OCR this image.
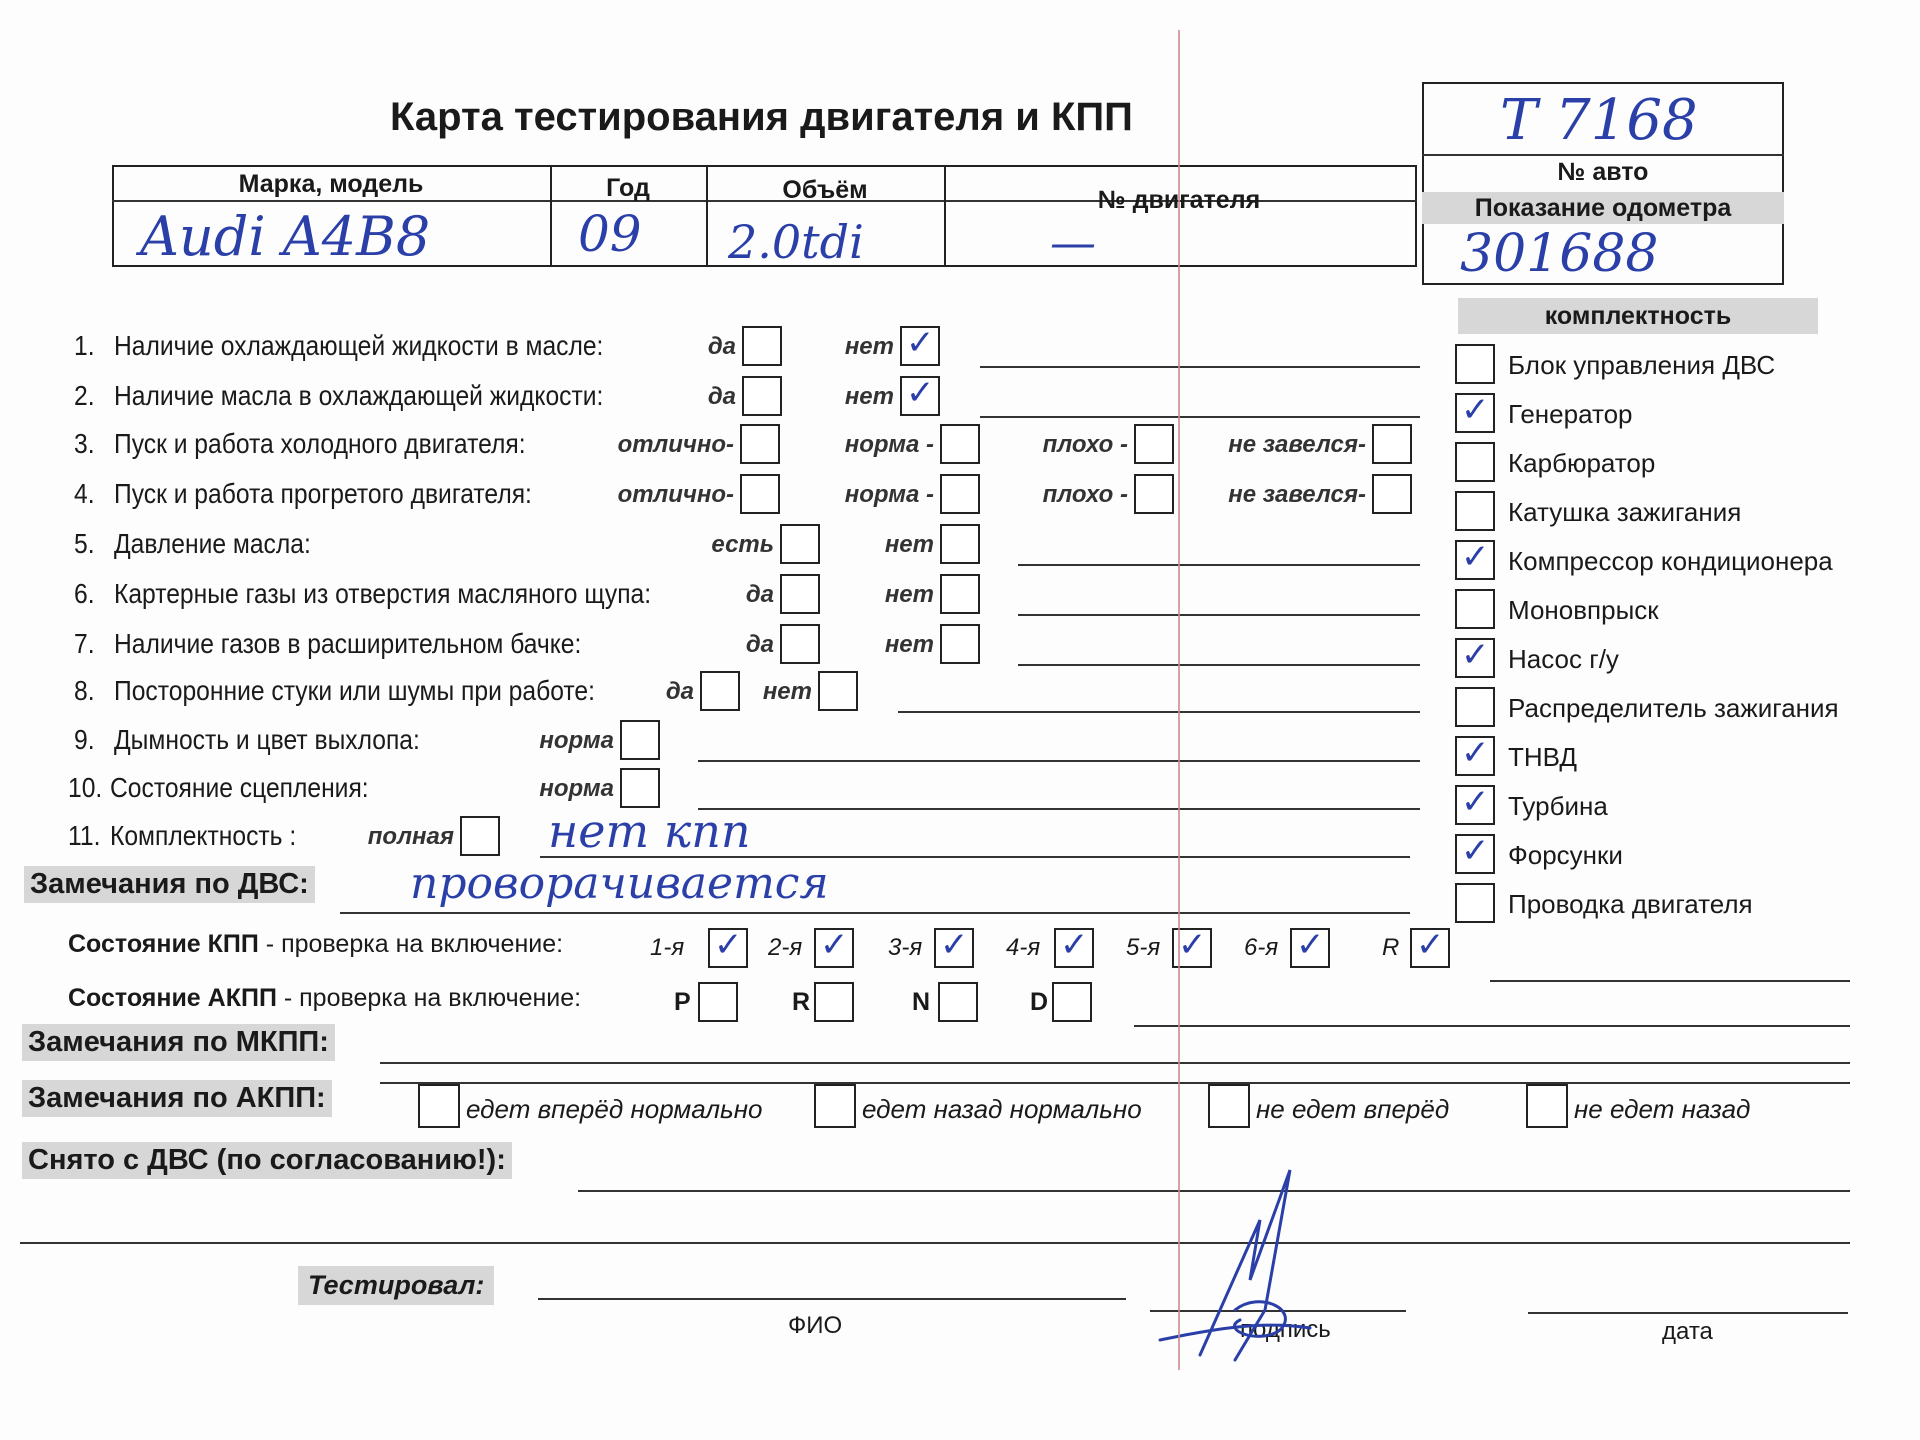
Карта тестирования двигателя и КПП
Марка, модель	Год	Объём	№ двигателя
Audi A4B8	09 2.0tdi	—
T 7168
№ авто
Показание одометра
301688
комплектность
1. Наличие охлаждающей жидкости в масле:	да	нет ✓
2. Наличие масла в охлаждающей жидкости:	да	нет ✓
3. Пуск и работа холодного двигателя:	отлично-	норма -	плохо -	не завелся-
4. Пуск и работа прогретого двигателя:	отлично-	норма -	плохо -	не завелся-
5. Давление масла:	есть	нет
6. Картерные газы из отверстия масляного щупа:	да	нет
7. Наличие газов в расширительном бачке:	да	нет
8. Посторонние стуки или шумы при работе:	да	нет
9. Дымность и цвет выхлопа:	норма
10. Состояние сцепления:	норма
11. Комплектность :	полная нет кпп
Блок управления ДВС
✓ Генератор
Карбюратор
Катушка зажигания
✓ Компрессор кондиционера
Моновпрыск
✓ Насос г/у
Распределитель зажигания
✓ ТНВД
✓ Турбина
✓ Форсунки
Проводка двигателя
Замечания по ДВС: проворачивается
Состояние КПП - проверка на включение:	1-я ✓ 2-я ✓ 3-я ✓ 4-я ✓ 5-я ✓ 6-я ✓ R ✓
Состояние АКПП - проверка на включение:	P	R	N	D
Замечания по МКПП:
Замечания по АКПП:	едет вперёд нормально	едет назад нормально	не едет вперёд	не едет назад
Снято с ДВС (по согласованию!):
Тестировал:
ФИО	подпись	дата
